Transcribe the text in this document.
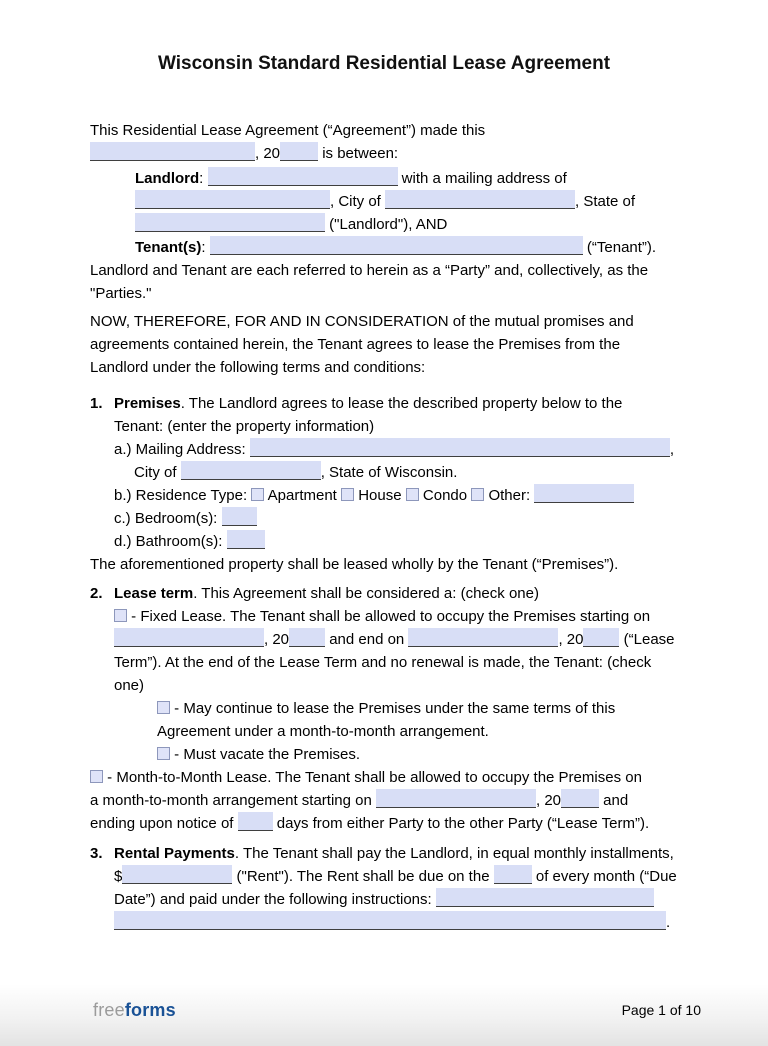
Wisconsin Standard Residential Lease Agreement
This Residential Lease Agreement (“Agreement”) made this
, 20	is between:
Landlord:	with a mailing address of
, City of	, State of
("Landlord"), AND
Tenant(s):	(“Tenant”).
Landlord and Tenant are each referred to herein as a “Party” and, collectively, as the
"Parties."
NOW, THEREFORE, FOR AND IN CONSIDERATION of the mutual promises and
agreements contained herein, the Tenant agrees to lease the Premises from the
Landlord under the following terms and conditions:
1. Premises. The Landlord agrees to lease the described property below to the
Tenant: (enter the property information)
a.) Mailing Address:	,
City of	, State of Wisconsin.
b.) Residence Type:  Apartment  House  Condo  Other:
c.) Bedroom(s):
d.) Bathroom(s):
The aforementioned property shall be leased wholly by the Tenant (“Premises”).
2. Lease term. This Agreement shall be considered a: (check one)
- Fixed Lease. The Tenant shall be allowed to occupy the Premises starting on
, 20 and end on	, 20 (“Lease
Term”). At the end of the Lease Term and no renewal is made, the Tenant: (check
one)
- May continue to lease the Premises under the same terms of this
Agreement under a month-to-month arrangement.
- Must vacate the Premises.
- Month-to-Month Lease. The Tenant shall be allowed to occupy the Premises on
a month-to-month arrangement starting on	, 20	and
ending upon notice of  days from either Party to the other Party (“Lease Term”).
3. Rental Payments. The Tenant shall pay the Landlord, in equal monthly installments,
$	("Rent"). The Rent shall be due on the	of every month (“Due
Date”) and paid under the following instructions:
.
freeforms	Page 1 of 10
